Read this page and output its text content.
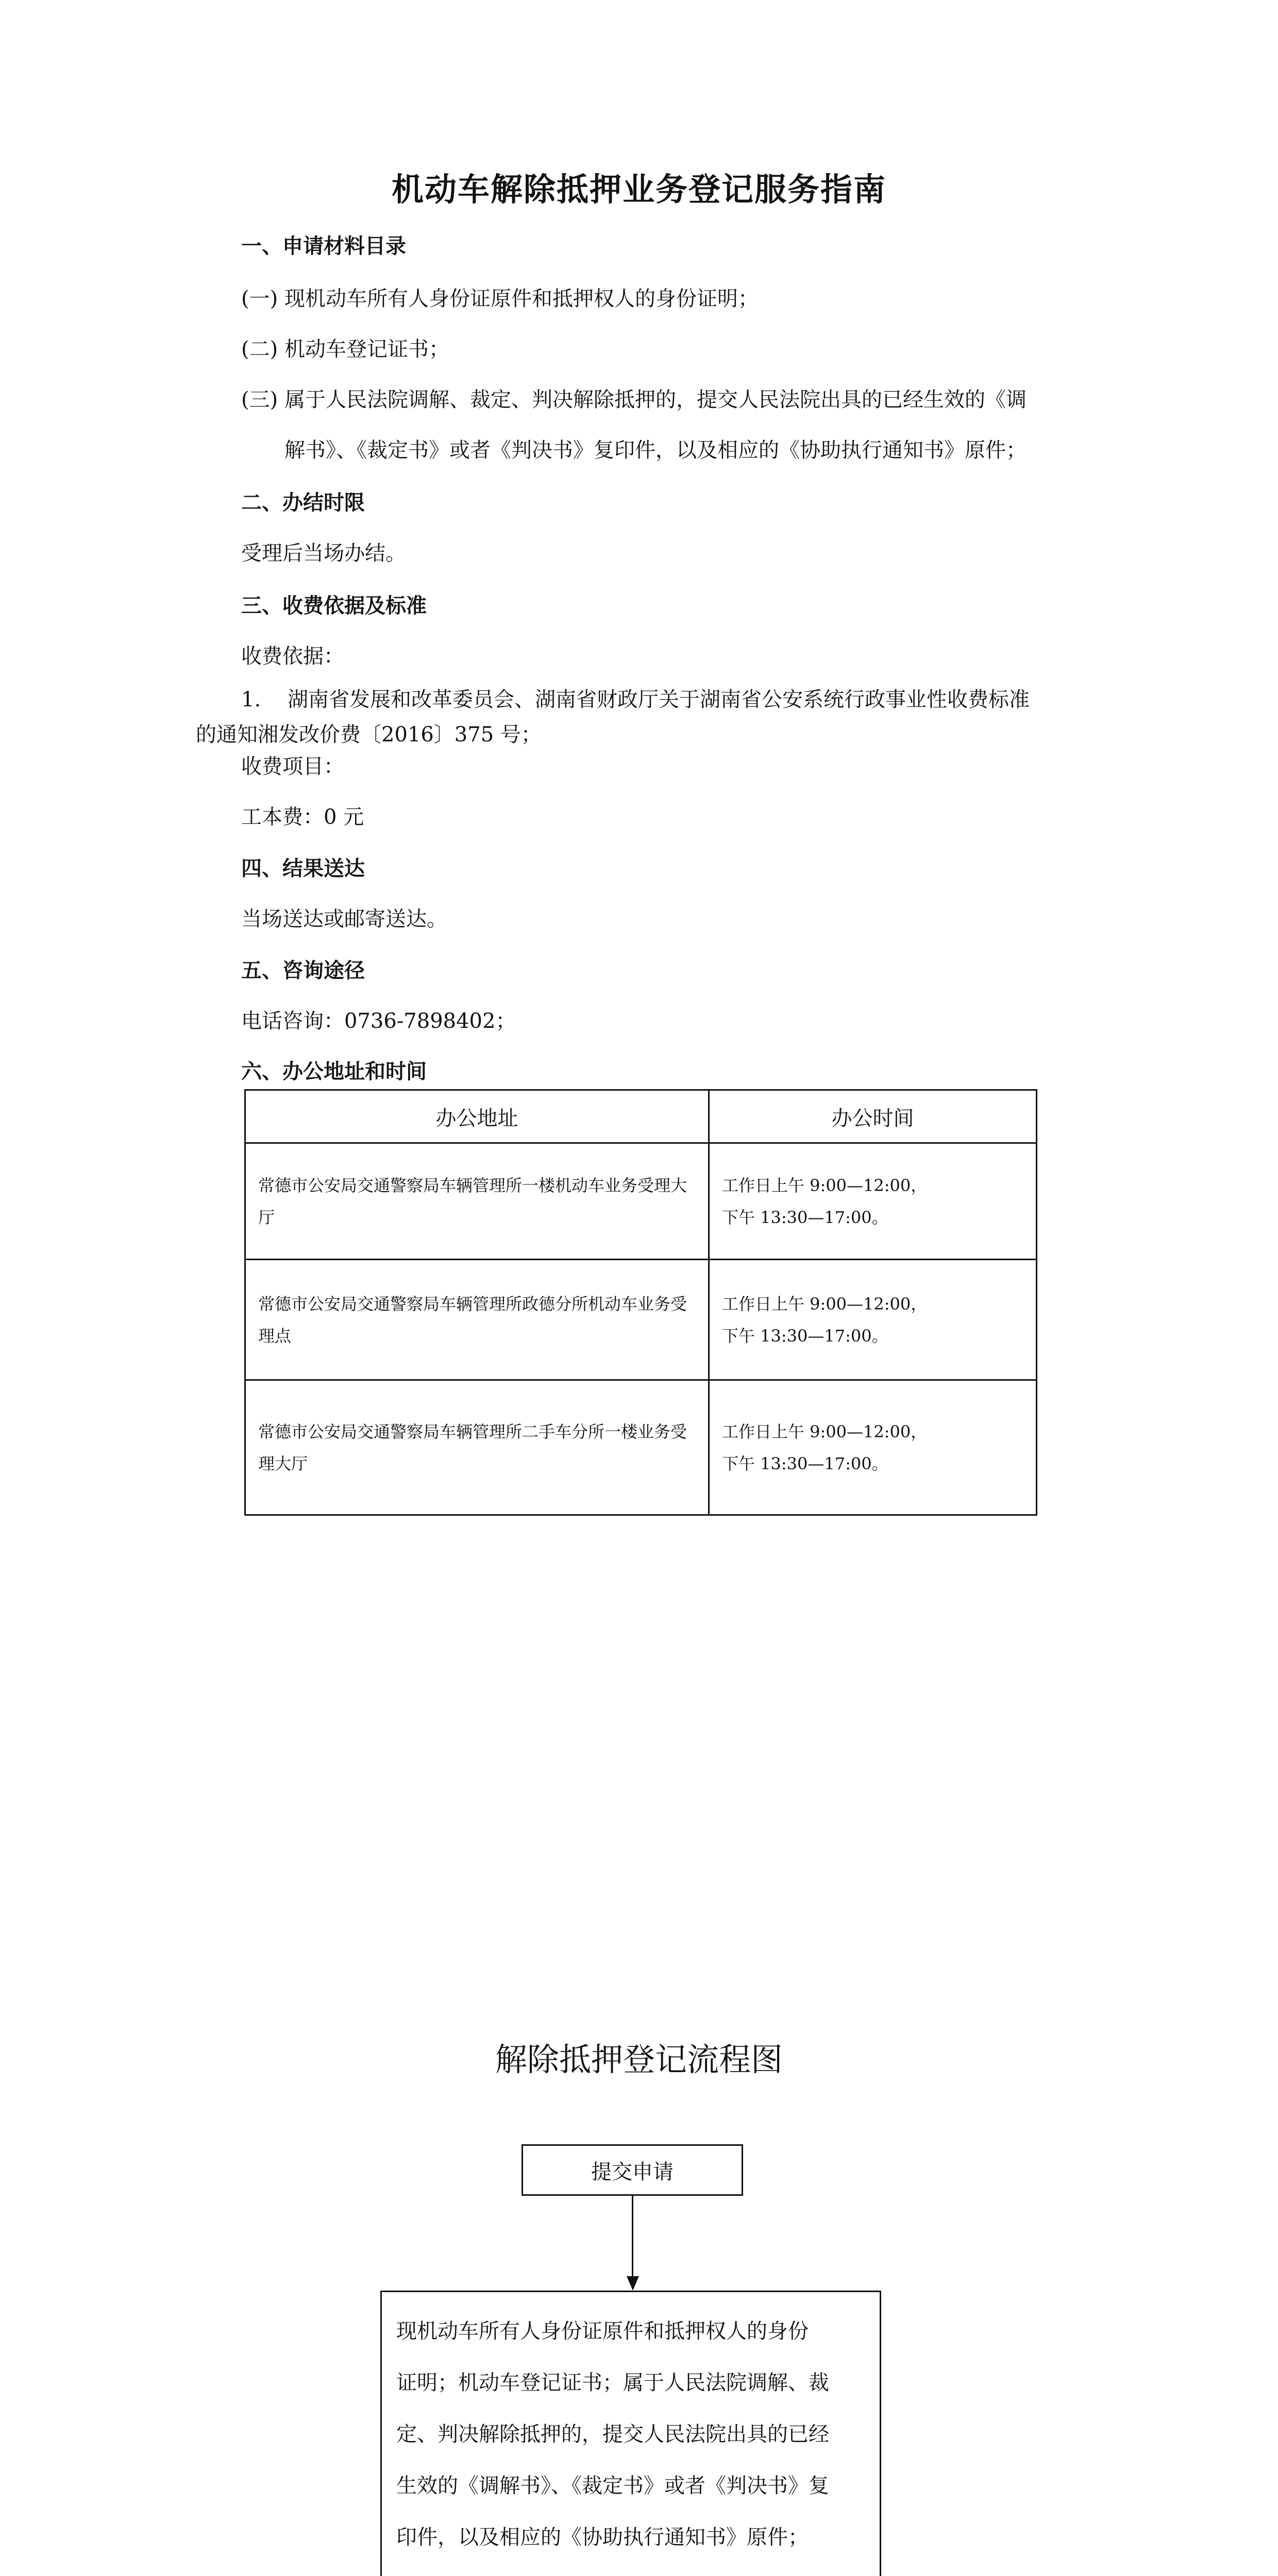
机动车解除抵押业务登记服务指南
一、申请材料目录
(一) 现机动车所有人身份证原件和抵押权人的身份证明；
(二) 机动车登记证书；
(三) 属于人民法院调解、裁定、判决解除抵押的，提交人民法院出具的已经生效的《调
解书》、《裁定书》或者《判决书》复印件，以及相应的《协助执行通知书》原件；
二、办结时限
受理后当场办结。
三、收费依据及标准
收费依据：
1. 湖南省发展和改革委员会、湖南省财政厅关于湖南省公安系统行政事业性收费标准
的通知湘发改价费〔2016〕375 号；
收费项目：
工本费：0 元
四、结果送达
当场送达或邮寄送达。
五、咨询途径
电话咨询：0736-7898402；
六、办公地址和时间
办公地址	办公时间
常德市公安局交通警察局车辆管理所一楼机动车业务受理大厅	工作日上午 9:00—12:00，
下午 13:30—17:00。

常德市公安局交通警察局车辆管理所政德分所机动车业务受理点	工作日上午 9:00—12:00，
下午 13:30—17:00。

常德市公安局交通警察局车辆管理所二手车分所一楼业务受理大厅	工作日上午 9:00—12:00，
下午 13:30—17:00。
解除抵押登记流程图
提交申请
现机动车所有人身份证原件和抵押权人的身份
证明；机动车登记证书；属于人民法院调解、裁
定、判决解除抵押的，提交人民法院出具的已经
生效的《调解书》、《裁定书》或者《判决书》复
印件，以及相应的《协助执行通知书》原件；
